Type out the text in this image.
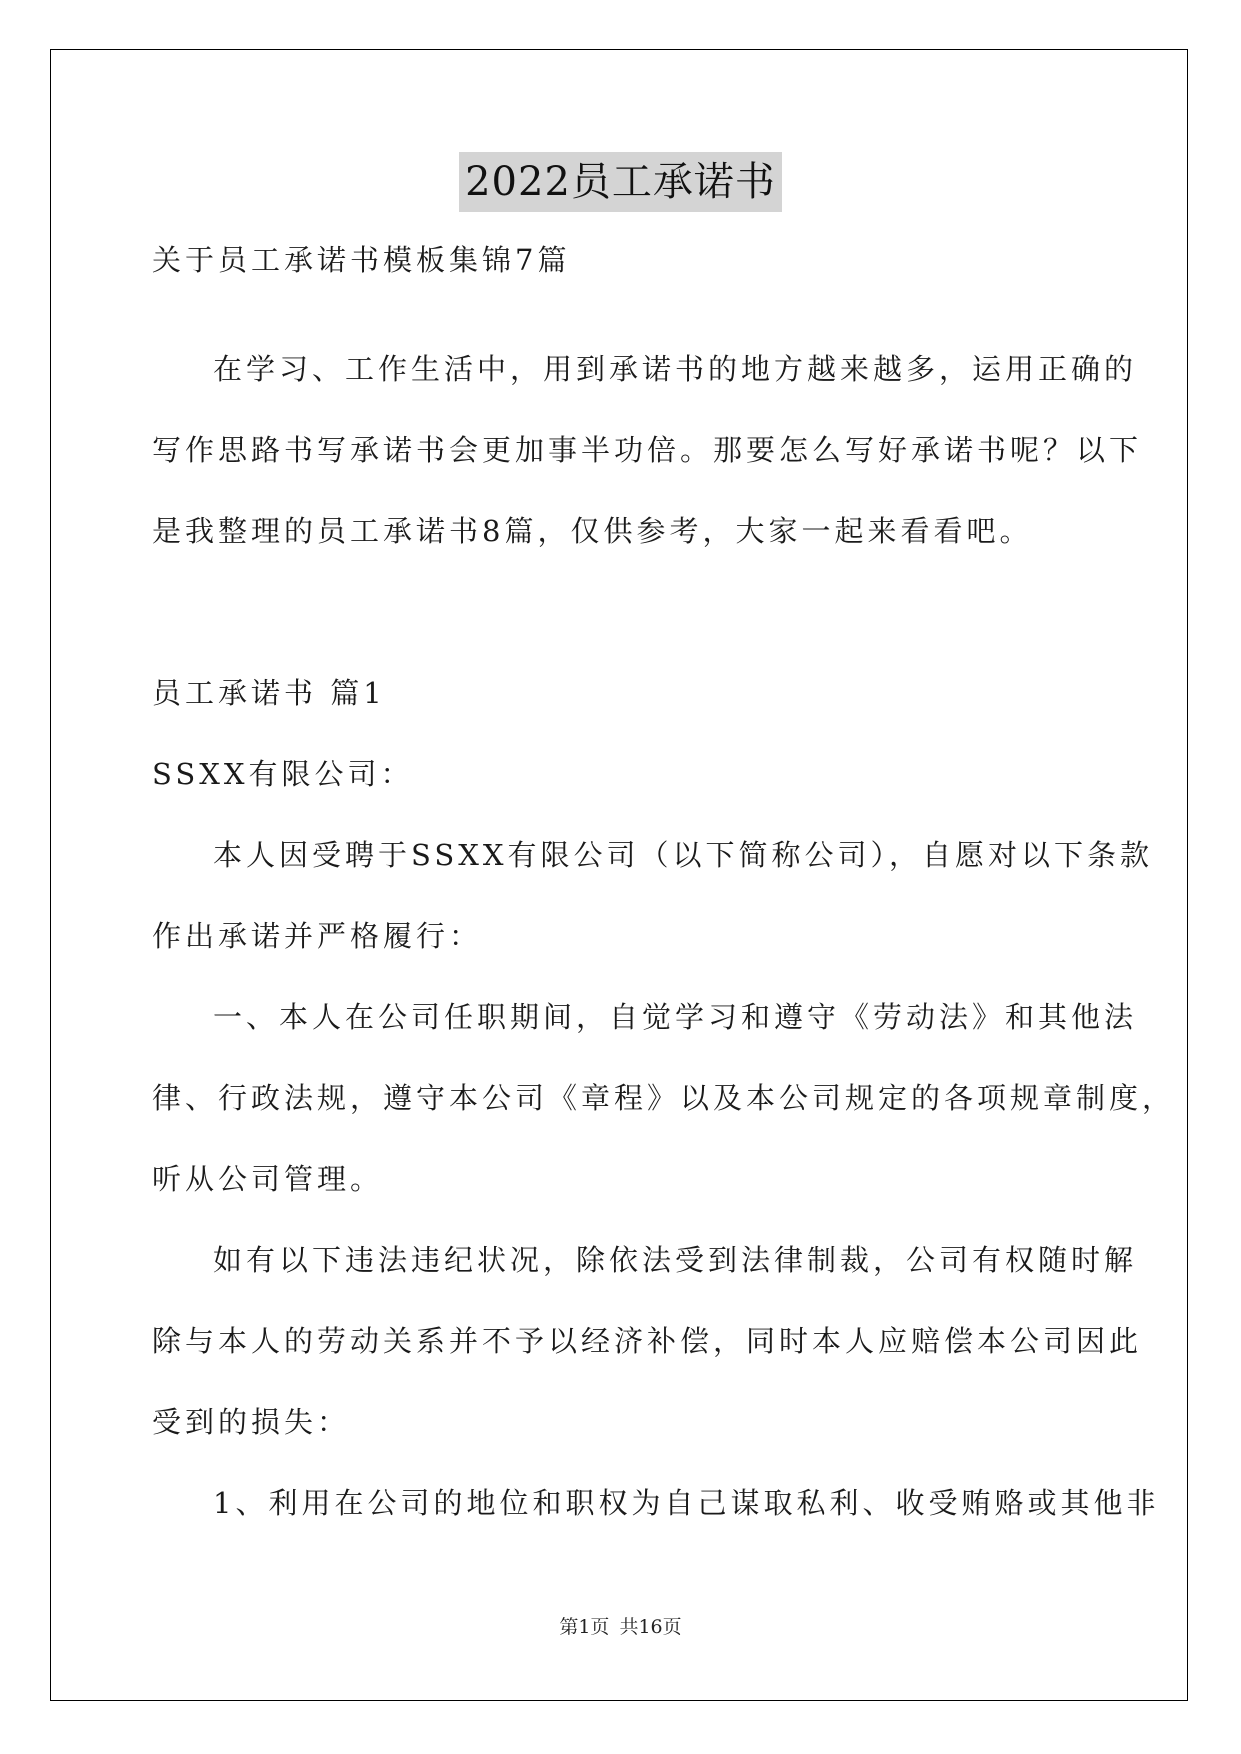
2022员工承诺书
关于员工承诺书模板集锦7篇
在学习、工作生活中，用到承诺书的地方越来越多，运用正确的
写作思路书写承诺书会更加事半功倍。那要怎么写好承诺书呢？以下
是我整理的员工承诺书8篇，仅供参考，大家一起来看看吧。
员工承诺书 篇1
SSXX有限公司：
本人因受聘于SSXX有限公司（以下简称公司），自愿对以下条款
作出承诺并严格履行：
一、本人在公司任职期间，自觉学习和遵守《劳动法》和其他法
律、行政法规，遵守本公司《章程》以及本公司规定的各项规章制度，
听从公司管理。
如有以下违法违纪状况，除依法受到法律制裁，公司有权随时解
除与本人的劳动关系并不予以经济补偿，同时本人应赔偿本公司因此
受到的损失：
1、利用在公司的地位和职权为自己谋取私利、收受贿赂或其他非
第1页 共16页
